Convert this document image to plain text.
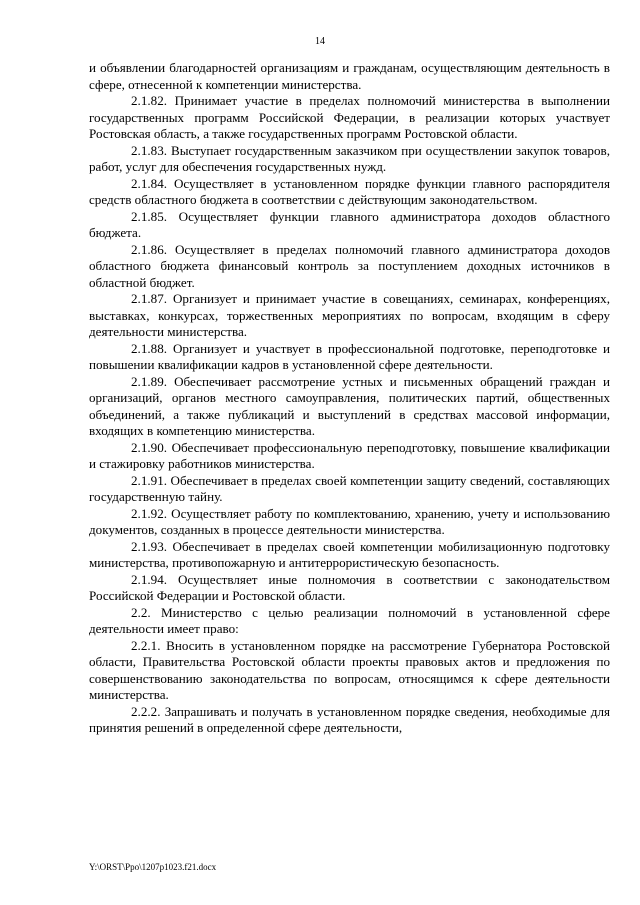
14

и объявлении благодарностей организациям и гражданам, осуществляющим деятельность в сфере, отнесенной к компетенции министерства.

2.1.82. Принимает участие в пределах полномочий министерства в выполнении государственных программ Российской Федерации, в реализации которых участвует Ростовская область, а также государственных программ Ростовской области.

2.1.83. Выступает государственным заказчиком при осуществлении закупок товаров, работ, услуг для обеспечения государственных нужд.

2.1.84. Осуществляет в установленном порядке функции главного распорядителя средств областного бюджета в соответствии с действующим законодательством.

2.1.85. Осуществляет функции главного администратора доходов областного бюджета.

2.1.86. Осуществляет в пределах полномочий главного администратора доходов областного бюджета финансовый контроль за поступлением доходных источников в областной бюджет.

2.1.87. Организует и принимает участие в совещаниях, семинарах, конференциях, выставках, конкурсах, торжественных мероприятиях по вопросам, входящим в сферу деятельности министерства.

2.1.88. Организует и участвует в профессиональной подготовке, переподготовке и повышении квалификации кадров в установленной сфере деятельности.

2.1.89. Обеспечивает рассмотрение устных и письменных обращений граждан и организаций, органов местного самоуправления, политических партий, общественных объединений, а также публикаций и выступлений в средствах массовой информации, входящих в компетенцию министерства.

2.1.90. Обеспечивает профессиональную переподготовку, повышение квалификации и стажировку работников министерства.

2.1.91. Обеспечивает в пределах своей компетенции защиту сведений, составляющих государственную тайну.

2.1.92. Осуществляет работу по комплектованию, хранению, учету и использованию документов, созданных в процессе деятельности министерства.

2.1.93. Обеспечивает в пределах своей компетенции мобилизационную подготовку министерства, противопожарную и антитеррористическую безопасность.

2.1.94. Осуществляет иные полномочия в соответствии с законодательством Российской Федерации и Ростовской области.

2.2. Министерство с целью реализации полномочий в установленной сфере деятельности имеет право:

2.2.1. Вносить в установленном порядке на рассмотрение Губернатора Ростовской области, Правительства Ростовской области проекты правовых актов и предложения по совершенствованию законодательства по вопросам, относящимся к сфере деятельности министерства.

2.2.2. Запрашивать и получать в установленном порядке сведения, необходимые для принятия решений в определенной сфере деятельности,

Y:\ORST\Ppo\1207p1023.f21.docx
